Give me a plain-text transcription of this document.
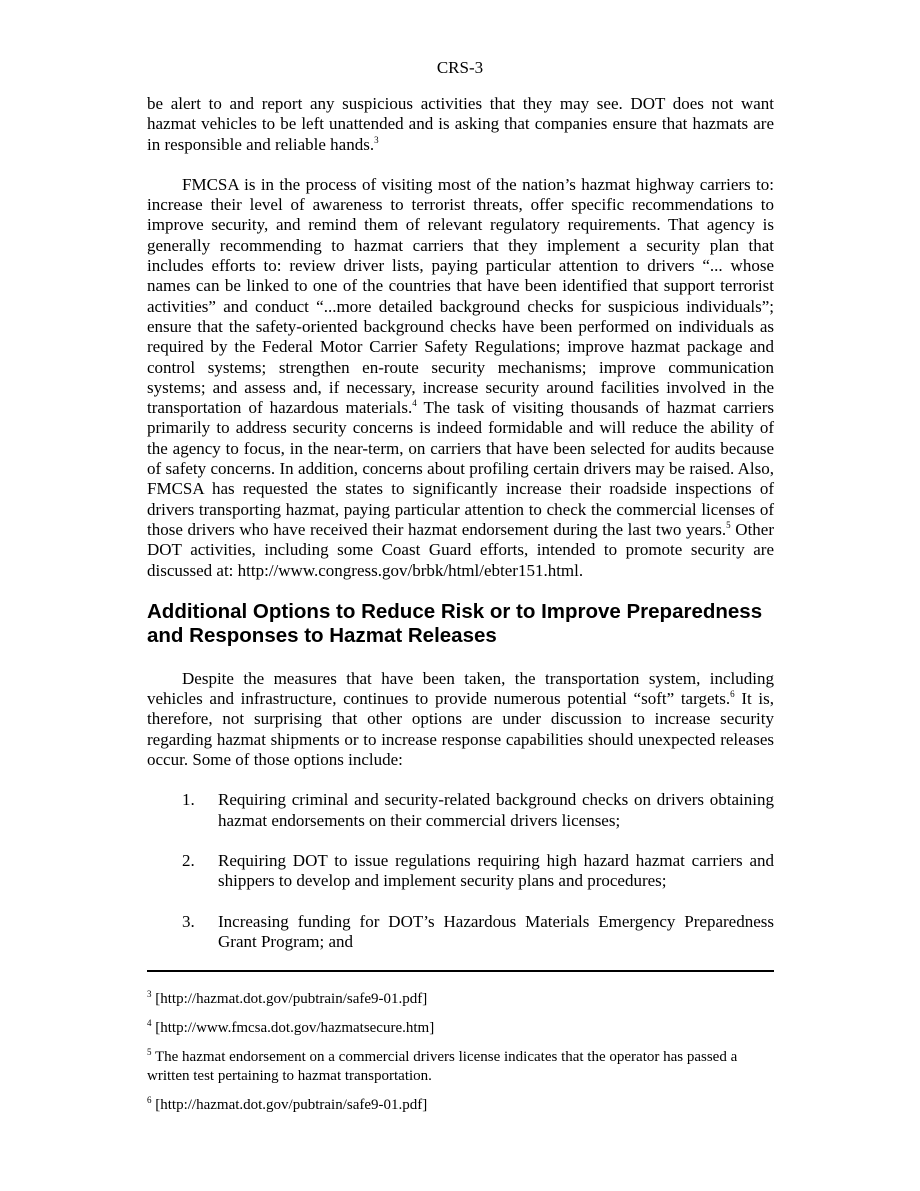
CRS-3

be alert to and report any suspicious activities that they may see. DOT does not want hazmat vehicles to be left unattended and is asking that companies ensure that hazmats are in responsible and reliable hands.$^3$

FMCSA is in the process of visiting most of the nation’s hazmat highway carriers to: increase their level of awareness to terrorist threats, offer specific recommendations to improve security, and remind them of relevant regulatory requirements. That agency is generally recommending to hazmat carriers that they implement a security plan that includes efforts to: review driver lists, paying particular attention to drivers “... whose names can be linked to one of the countries that have been identified that support terrorist activities” and conduct “...more detailed background checks for suspicious individuals”; ensure that the safety-oriented background checks have been performed on individuals as required by the Federal Motor Carrier Safety Regulations; improve hazmat package and control systems; strengthen en-route security mechanisms; improve communication systems; and assess and, if necessary, increase security around facilities involved in the transportation of hazardous materials.$^4$ The task of visiting thousands of hazmat carriers primarily to address security concerns is indeed formidable and will reduce the ability of the agency to focus, in the near-term, on carriers that have been selected for audits because of safety concerns. In addition, concerns about profiling certain drivers may be raised. Also, FMCSA has requested the states to significantly increase their roadside inspections of drivers transporting hazmat, paying particular attention to check the commercial licenses of those drivers who have received their hazmat endorsement during the last two years.$^5$ Other DOT activities, including some Coast Guard efforts, intended to promote security are discussed at: http://www.congress.gov/brbk/html/ebter151.html.

Additional Options to Reduce Risk or to Improve Preparedness and Responses to Hazmat Releases

Despite the measures that have been taken, the transportation system, including vehicles and infrastructure, continues to provide numerous potential “soft” targets.$^6$ It is, therefore, not surprising that other options are under discussion to increase security regarding hazmat shipments or to increase response capabilities should unexpected releases occur. Some of those options include:

1.	Requiring criminal and security-related background checks on drivers obtaining hazmat endorsements on their commercial drivers licenses;
2.	Requiring DOT to issue regulations requiring high hazard hazmat carriers and shippers to develop and implement security plans and procedures;
3.	Increasing funding for DOT’s Hazardous Materials Emergency Preparedness Grant Program; and

$^3$ [http://hazmat.dot.gov/pubtrain/safe9-01.pdf]

$^4$ [http://www.fmcsa.dot.gov/hazmatsecure.htm]

$^5$ The hazmat endorsement on a commercial drivers license indicates that the operator has passed a written test pertaining to hazmat transportation.

$^6$ [http://hazmat.dot.gov/pubtrain/safe9-01.pdf]
